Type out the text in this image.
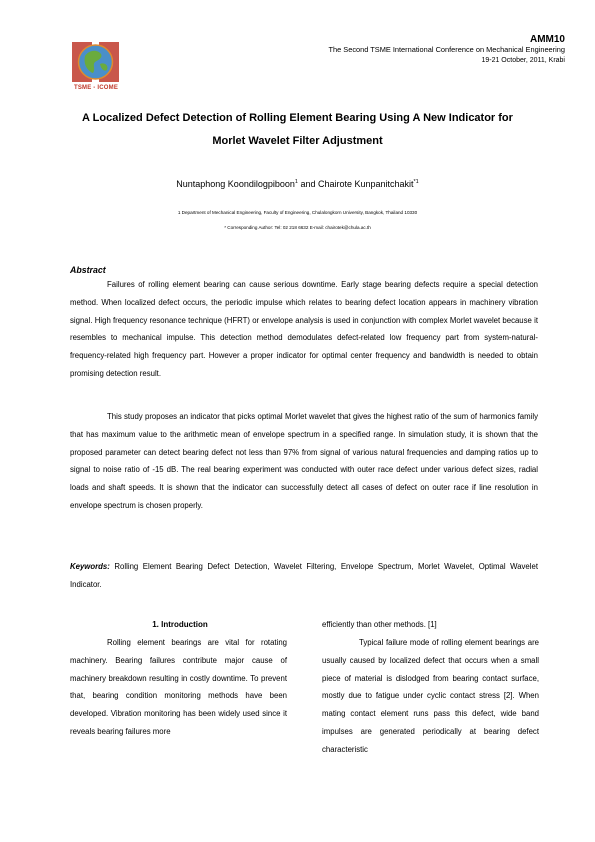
AMM10
The Second TSME International Conference on Mechanical Engineering
19-21 October, 2011, Krabi
TSME - ICOME
A Localized Defect Detection of Rolling Element Bearing Using A New Indicator for
Morlet Wavelet Filter Adjustment
Nuntaphong Koondilogpiboon$^1$ and Chairote Kunpanitchakit$^{*1}$
1 Department of Mechanical Engineering, Faculty of Engineering, Chulalongkorn University, Bangkok, Thailand 10330
* Corresponding Author: Tel: 02 218 6632 E-mail: chairotek@chula.ac.th
Abstract
Failures of rolling element bearing can cause serious downtime. Early stage bearing defects require a special detection method. When localized defect occurs, the periodic impulse which relates to bearing defect location appears in machinery vibration signal. High frequency resonance technique (HFRT) or envelope analysis is used in conjunction with complex Morlet wavelet because it resembles to mechanical impulse. This detection method demodulates defect-related low frequency part from system-natural-frequency-related high frequency part. However a proper indicator for optimal center frequency and bandwidth is needed to obtain promising detection result.
This study proposes an indicator that picks optimal Morlet wavelet that gives the highest ratio of the sum of harmonics family that has maximum value to the arithmetic mean of envelope spectrum in a specified range. In simulation study, it is shown that the proposed parameter can detect bearing defect not less than 97% from signal of various natural frequencies and damping ratios up to signal to noise ratio of -15 dB. The real bearing experiment was conducted with outer race defect under various defect sizes, radial loads and shaft speeds. It is shown that the indicator can successfully detect all cases of defect on outer race if line resolution in envelope spectrum is chosen properly.
Keywords: Rolling Element Bearing Defect Detection, Wavelet Filtering, Envelope Spectrum, Morlet Wavelet, Optimal Wavelet Indicator.
1. Introduction
Rolling element bearings are vital for rotating machinery. Bearing failures contribute major cause of machinery breakdown resulting in costly downtime. To prevent that, bearing condition monitoring methods have been developed. Vibration monitoring has been widely used since it reveals bearing failures more
efficiently than other methods. [1]
Typical failure mode of rolling element bearings are usually caused by localized defect that occurs when a small piece of material is dislodged from bearing contact surface, mostly due to fatigue under cyclic contact stress [2]. When mating contact element runs pass this defect, wide band impulses are generated periodically at bearing defect characteristic
